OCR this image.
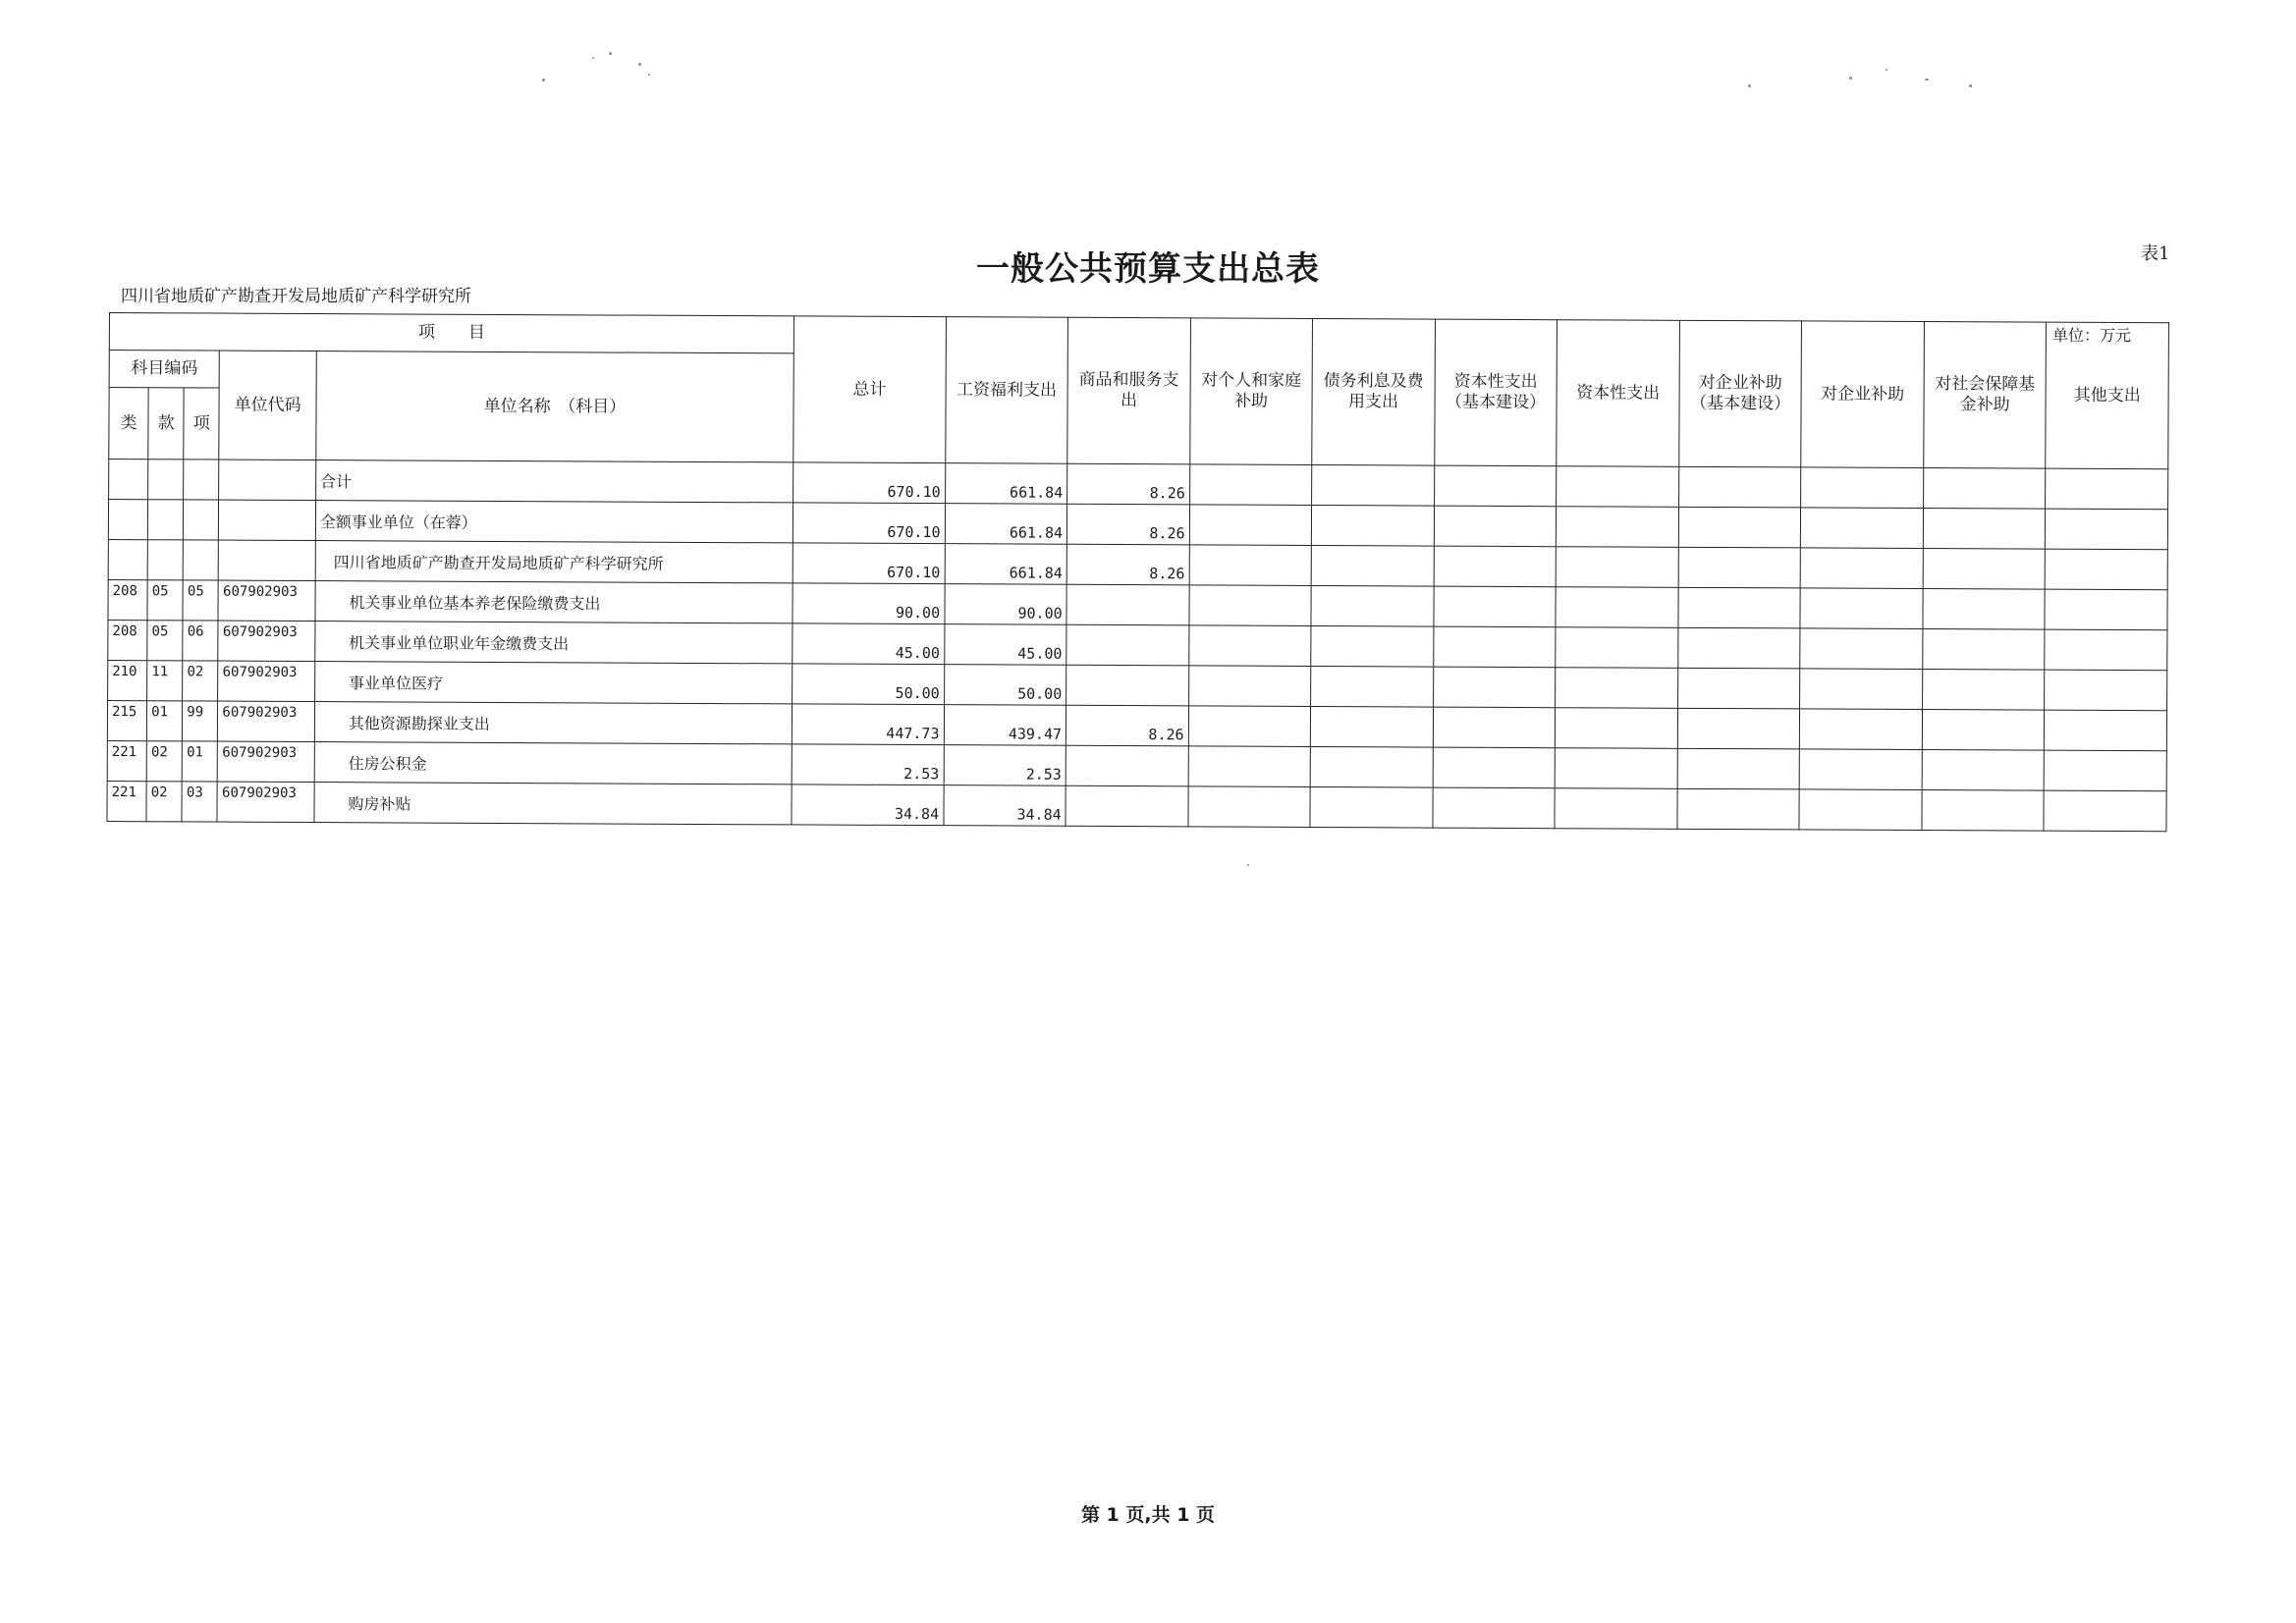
一般公共预算支出总表	表1
四川省地质矿产勘查开发局地质矿产科学研究所
单位：万元
项　　目					总计	工资福利支出	商品和服务支出	对个人和家庭补助	债务利息及费用支出	资本性支出（基本建设）	资本性支出	对企业补助（基本建设）	对企业补助	对社会保障基金补助	其他支出
科目编码			单位代码	单位名称　（科目）											
类	款	项													
				合计	670.10	661.84	8.26								
				全额事业单位（在蓉）	670.10	661.84	8.26								
				四川省地质矿产勘查开发局地质矿产科学研究所	670.10	661.84	8.26								
208	05	05	607902903	机关事业单位基本养老保险缴费支出	90.00	90.00									
208	05	06	607902903	机关事业单位职业年金缴费支出	45.00	45.00									
210	11	02	607902903	事业单位医疗	50.00	50.00									
215	01	99	607902903	其他资源勘探业支出	447.73	439.47	8.26								
221	02	01	607902903	住房公积金	2.53	2.53									
221	02	03	607902903	购房补贴	34.84	34.84									
第 1 页,共 1 页
